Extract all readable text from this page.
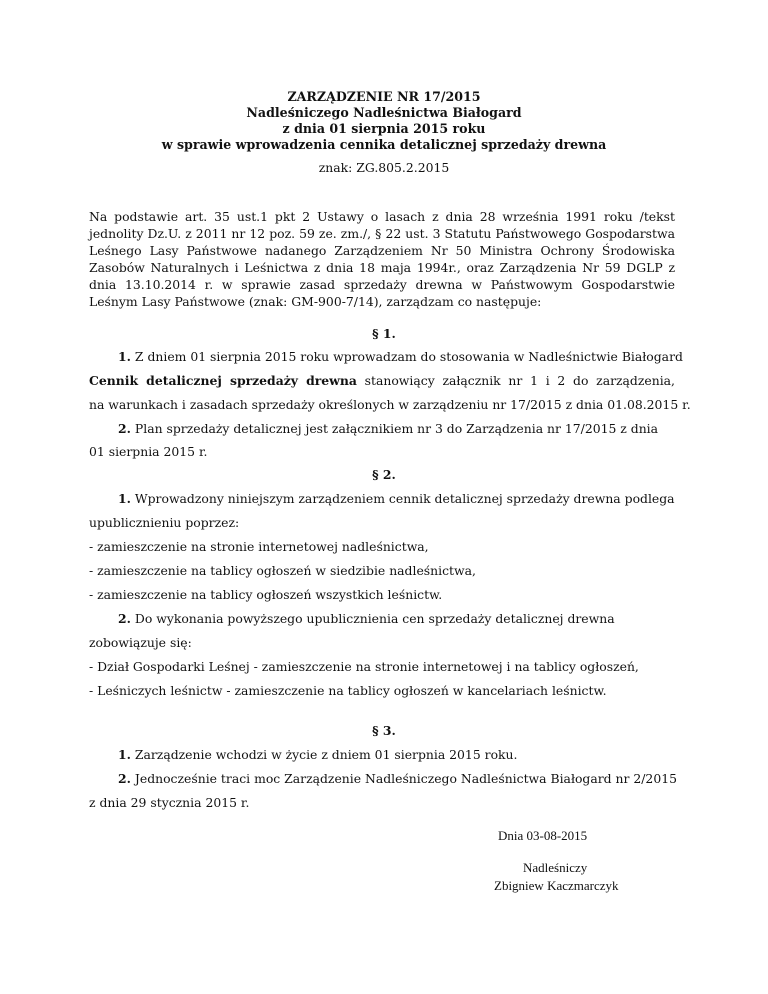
ZARZĄDZENIE NR 17/2015
Nadleśniczego Nadleśnictwa Białogard
z dnia 01 sierpnia 2015 roku
w sprawie wprowadzenia cennika detalicznej sprzedaży drewna
znak: ZG.805.2.2015
Na podstawie art. 35 ust.1 pkt 2 Ustawy o lasach z dnia 28 września 1991 roku /tekst jednolity Dz.U. z 2011 nr 12 poz. 59 ze. zm./, § 22 ust. 3 Statutu Państwowego Gospodarstwa Leśnego Lasy Państwowe nadanego Zarządzeniem Nr 50 Ministra Ochrony Środowiska Zasobów Naturalnych i Leśnictwa z dnia 18 maja 1994r., oraz Zarządzenia Nr 59 DGLP z dnia 13.10.2014 r. w sprawie zasad sprzedaży drewna w Państwowym Gospodarstwie Leśnym Lasy Państwowe (znak: GM-900-7/14), zarządzam co następuje:
§ 1.
1. Z dniem 01 sierpnia 2015 roku wprowadzam do stosowania w Nadleśnictwie Białogard
Cennik detalicznej sprzedaży drewna stanowiący załącznik nr 1 i 2 do zarządzenia,
na warunkach i zasadach sprzedaży określonych w zarządzeniu nr 17/2015 z dnia 01.08.2015 r.
2. Plan sprzedaży detalicznej jest załącznikiem nr 3 do Zarządzenia nr 17/2015 z dnia
01 sierpnia 2015 r.
§ 2.
1. Wprowadzony niniejszym zarządzeniem cennik detalicznej sprzedaży drewna podlega
upublicznieniu poprzez:
- zamieszczenie na stronie internetowej nadleśnictwa,
- zamieszczenie na tablicy ogłoszeń w siedzibie nadleśnictwa,
- zamieszczenie na tablicy ogłoszeń wszystkich leśnictw.
2. Do wykonania powyższego upublicznienia cen sprzedaży detalicznej drewna
zobowiązuje się:
- Dział Gospodarki Leśnej - zamieszczenie na stronie internetowej i na tablicy ogłoszeń,
- Leśniczych leśnictw - zamieszczenie na tablicy ogłoszeń w kancelariach leśnictw.
§ 3.
1. Zarządzenie wchodzi w życie z dniem 01 sierpnia 2015 roku.
2. Jednocześnie traci moc Zarządzenie Nadleśniczego Nadleśnictwa Białogard nr 2/2015
z dnia 29 stycznia 2015 r.
Dnia 03-08-2015
Nadleśniczy
Zbigniew Kaczmarczyk
